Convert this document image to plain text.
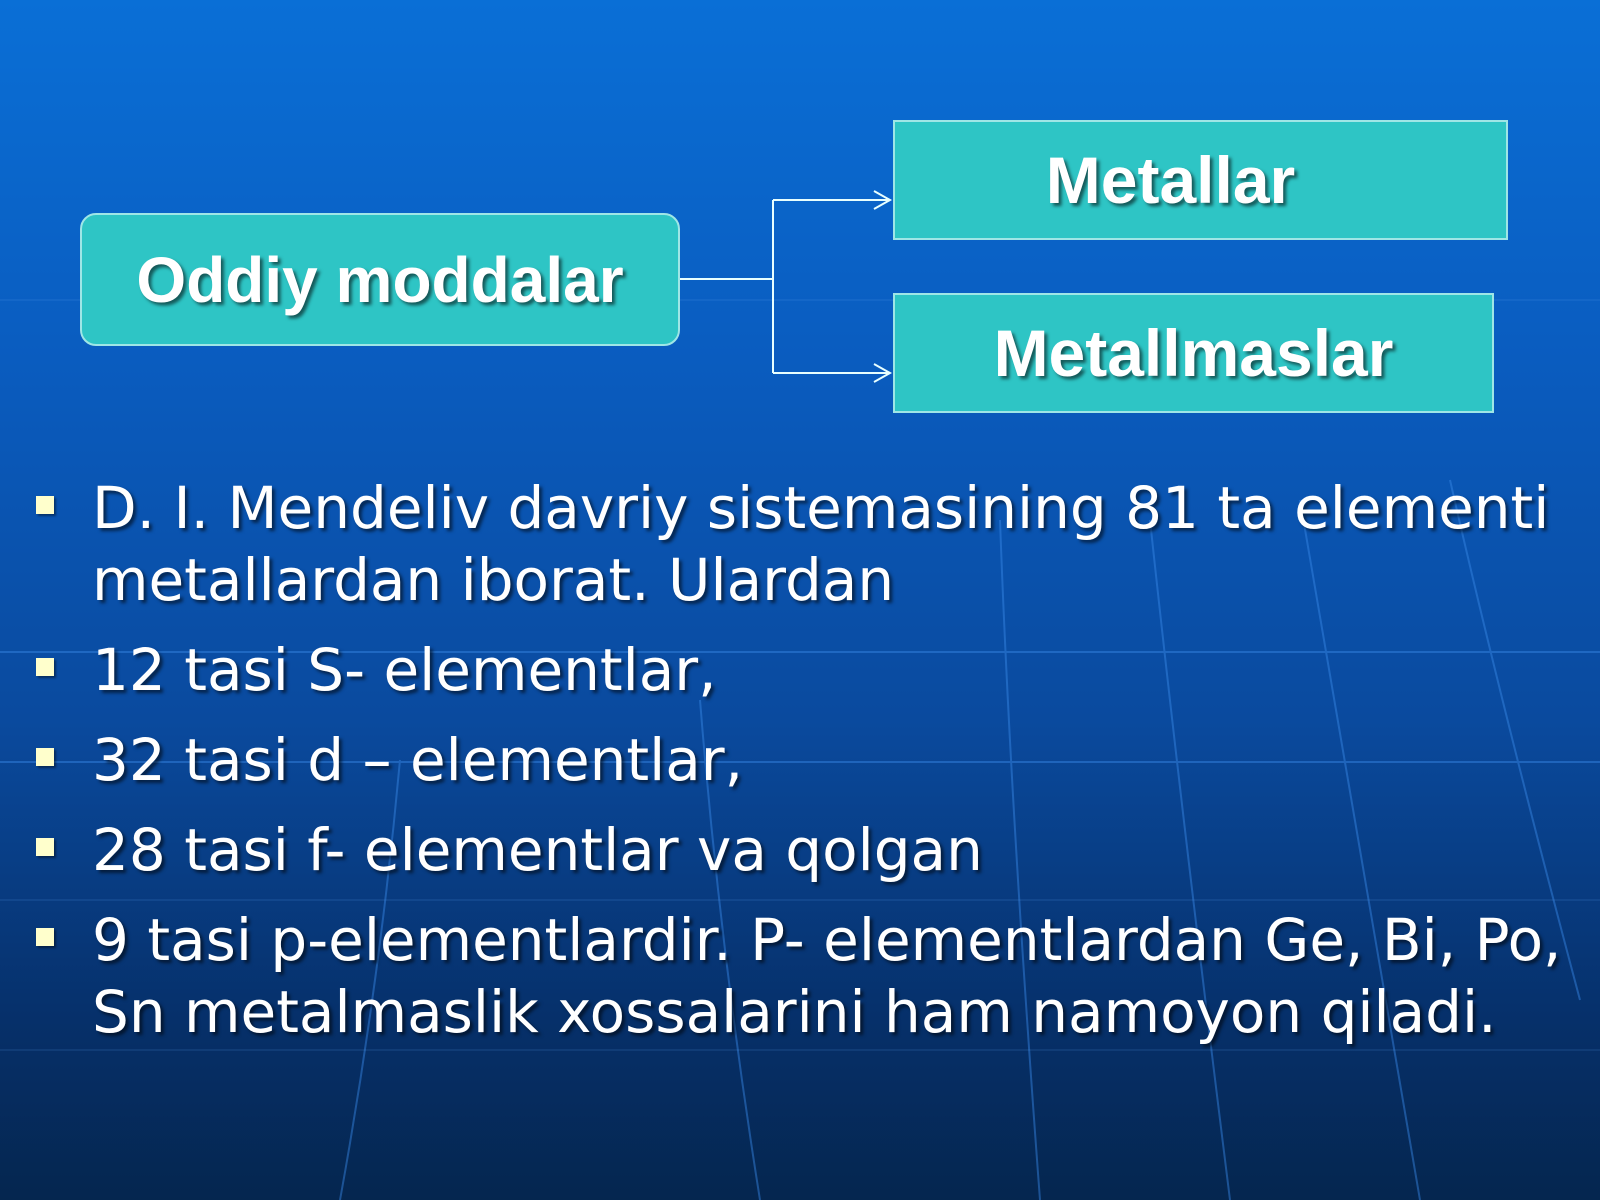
Oddiy moddalar
Metallar
Metallmaslar
D. I. Mendeliv davriy sistemasining 81 ta elementi metallardan iborat. Ulardan
12 tasi S- elementlar,
32 tasi d – elementlar,
28 tasi f- elementlar va qolgan
9 tasi p-elementlardir. P- elementlardan Ge, Bi, Po, Sn metalmaslik xossalarini ham namoyon qiladi.
